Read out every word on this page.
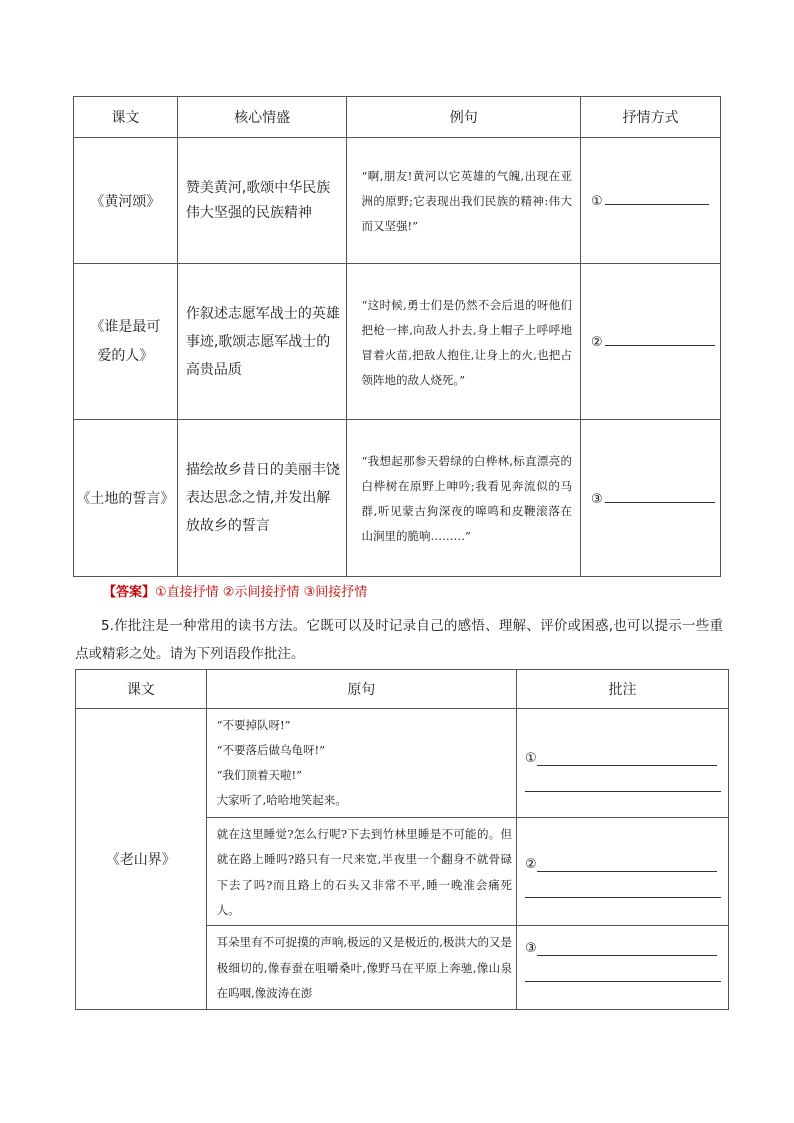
课文	核心情盛	例句	抒情方式
《黄河颂》	赞美黄河,歌颂中华民族伟大坚强的民族精神	“啊,朋友!黄河以它英雄的气魄,出现在亚洲的原野;它表现出我们民族的精神:伟大而又坚强!”	①
《谁是最可爱的人》	作叙述志愿军战士的英雄事迹,歌颂志愿军战士的高贵品质	“这时候,勇士们是仍然不会后退的呀他们把枪一摔,向敌人扑去,身上帽子上呼呼地冒着火苗,把敌人抱住,让身上的火,也把占领阵地的敌人烧死。”	②
《土地的誓言》	描绘故乡昔日的美丽丰饶表达思念之情,并发出解放故乡的誓言	“我想起那参天碧绿的白桦林,标直漂亮的白桦树在原野上呻吟;我看见奔流似的马群,听见蒙古狗深夜的嗥鸣和皮鞭滚落在山涧里的脆响………”	③
【答案】①直接抒情 ②示间接抒情 ③间接抒情
5.作批注是一种常用的读书方法。它既可以及时记录自己的感悟、理解、评价或困惑,也可以提示一些重点或精彩之处。请为下列语段作批注。
课文	原句	批注
《老山界》	“不要掉队呀!”
“不要落后做乌龟呀!”
“我们顶着天啦!”
大家听了,哈哈地笑起来。	①

	就在这里睡觉?怎么行呢?下去到竹林里睡是不可能的。但就在路上睡吗?路只有一尺来宽,半夜里一个翻身不就骨碌下去了吗?而且路上的石头又非常不平,睡一晚准会痛死人。	②

	耳朵里有不可捉摸的声响,极远的又是极近的,极洪大的又是极细切的,像春蚕在咀嚼桑叶,像野马在平原上奔驰,像山泉在呜咽,像波涛在澎	③
